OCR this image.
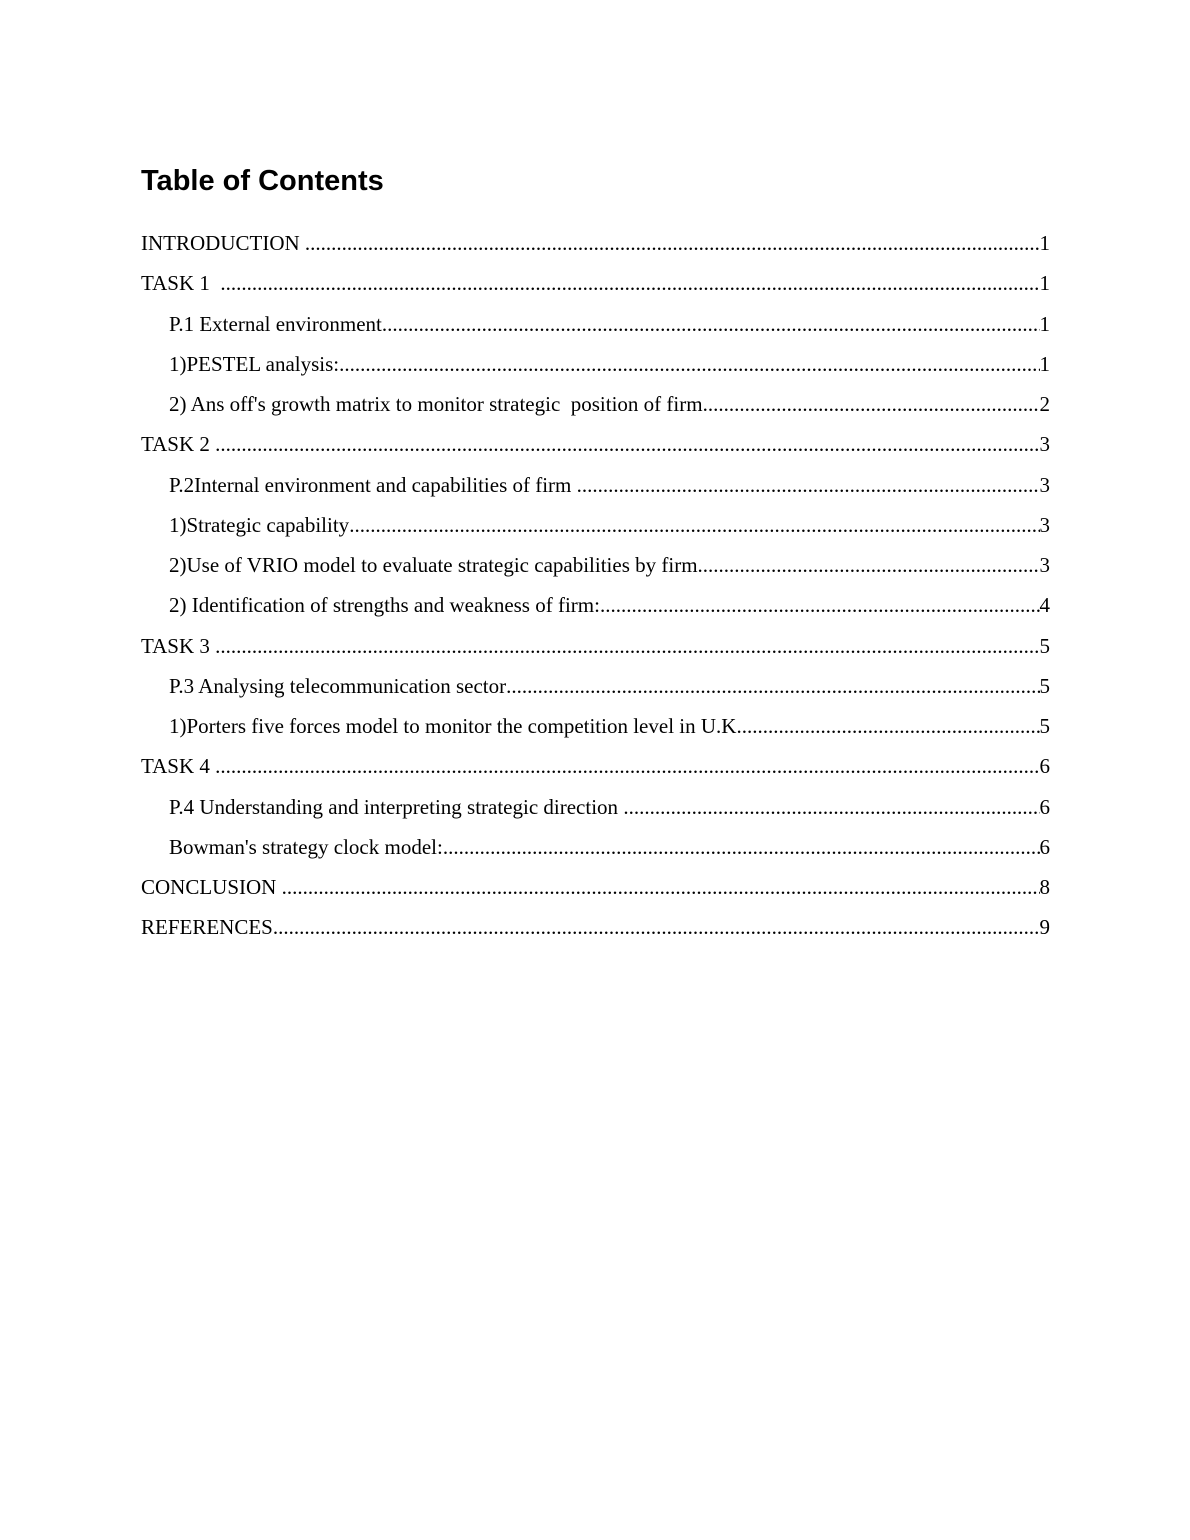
Table of Contents
INTRODUCTION .....	1
TASK 1 .....	1
P.1 External environment .....	1
1)PESTEL analysis: .....	1
2) Ans off's growth matrix to monitor strategic  position of firm .....	2
TASK 2 .....	3
P.2Internal environment and capabilities of firm .....	3
1)Strategic capability .....	3
2)Use of VRIO model to evaluate strategic capabilities by firm .....	3
2) Identification of strengths and weakness of firm: .....	4
TASK 3 .....	5
P.3 Analysing telecommunication sector .....	5
1)Porters five forces model to monitor the competition level in U.K .....	5
TASK 4 .....	6
P.4 Understanding and interpreting strategic direction .....	6
Bowman's strategy clock model: .....	6
CONCLUSION .....	8
REFERENCES .....	9
